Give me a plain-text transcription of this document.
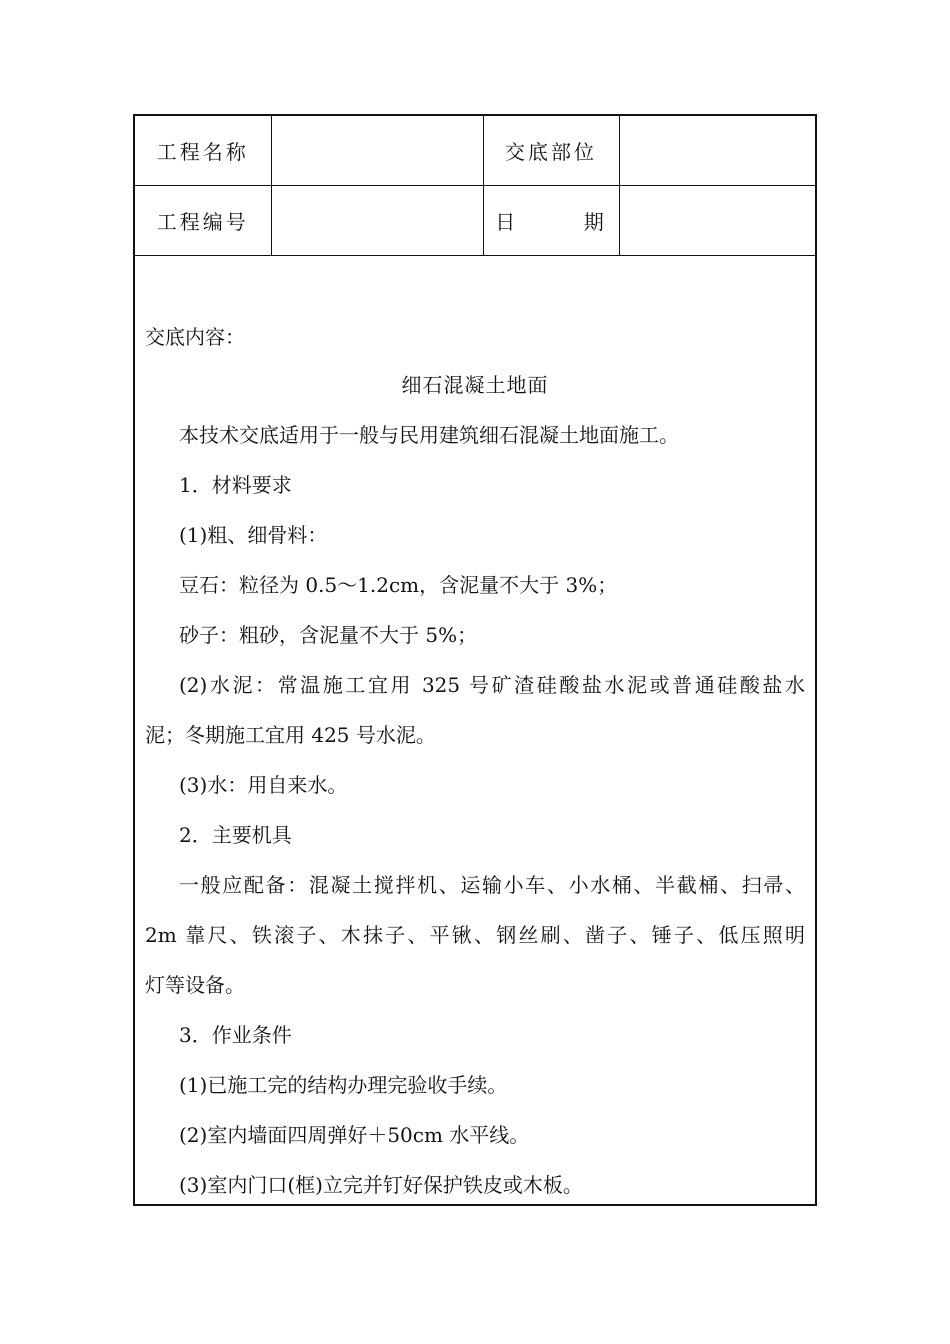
工程名称		交底部位	
工程编号		日       期	

交底内容：

细石混凝土地面

本技术交底适用于一般与民用建筑细石混凝土地面施工。

1．材料要求

(1)粗、细骨料：

豆石：粒径为 0.5～1.2cm，含泥量不大于 3%；

砂子：粗砂，含泥量不大于 5%；

(2)水泥：常温施工宜用 325 号矿渣硅酸盐水泥或普通硅酸盐水

泥；冬期施工宜用 425 号水泥。

(3)水：用自来水。

2．主要机具

一般应配备：混凝土搅拌机、运输小车、小水桶、半截桶、扫帚、

2m 靠尺、铁滚子、木抹子、平锹、钢丝刷、凿子、锤子、低压照明

灯等设备。

3．作业条件

(1)已施工完的结构办理完验收手续。

(2)室内墙面四周弹好＋50cm 水平线。

(3)室内门口(框)立完并钉好保护铁皮或木板。
